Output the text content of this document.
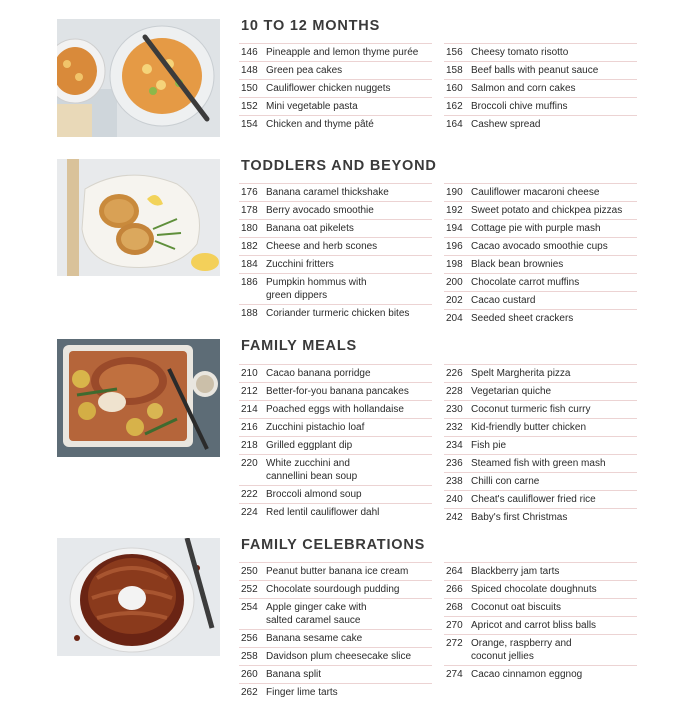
10 TO 12 MONTHS
146 Pineapple and lemon thyme purée
148 Green pea cakes
150 Cauliflower chicken nuggets
152 Mini vegetable pasta
154 Chicken and thyme pâté
156 Cheesy tomato risotto
158 Beef balls with peanut sauce
160 Salmon and corn cakes
162 Broccoli chive muffins
164 Cashew spread
TODDLERS AND BEYOND
176 Banana caramel thickshake
178 Berry avocado smoothie
180 Banana oat pikelets
182 Cheese and herb scones
184 Zucchini fritters
186 Pumpkin hommus with
green dippers
188 Coriander turmeric chicken bites
190 Cauliflower macaroni cheese
192 Sweet potato and chickpea pizzas
194 Cottage pie with purple mash
196 Cacao avocado smoothie cups
198 Black bean brownies
200 Chocolate carrot muffins
202 Cacao custard
204 Seeded sheet crackers
FAMILY MEALS
210 Cacao banana porridge
212 Better-for-you banana pancakes
214 Poached eggs with hollandaise
216 Zucchini pistachio loaf
218 Grilled eggplant dip
220 White zucchini and
cannellini bean soup
222 Broccoli almond soup
224 Red lentil cauliflower dahl
226 Spelt Margherita pizza
228 Vegetarian quiche
230 Coconut turmeric fish curry
232 Kid-friendly butter chicken
234 Fish pie
236 Steamed fish with green mash
238 Chilli con carne
240 Cheat's cauliflower fried rice
242 Baby's first Christmas
FAMILY CELEBRATIONS
250 Peanut butter banana ice cream
252 Chocolate sourdough pudding
254 Apple ginger cake with
salted caramel sauce
256 Banana sesame cake
258 Davidson plum cheesecake slice
260 Banana split
262 Finger lime tarts
264 Blackberry jam tarts
266 Spiced chocolate doughnuts
268 Coconut oat biscuits
270 Apricot and carrot bliss balls
272 Orange, raspberry and
coconut jellies
274 Cacao cinnamon eggnog
